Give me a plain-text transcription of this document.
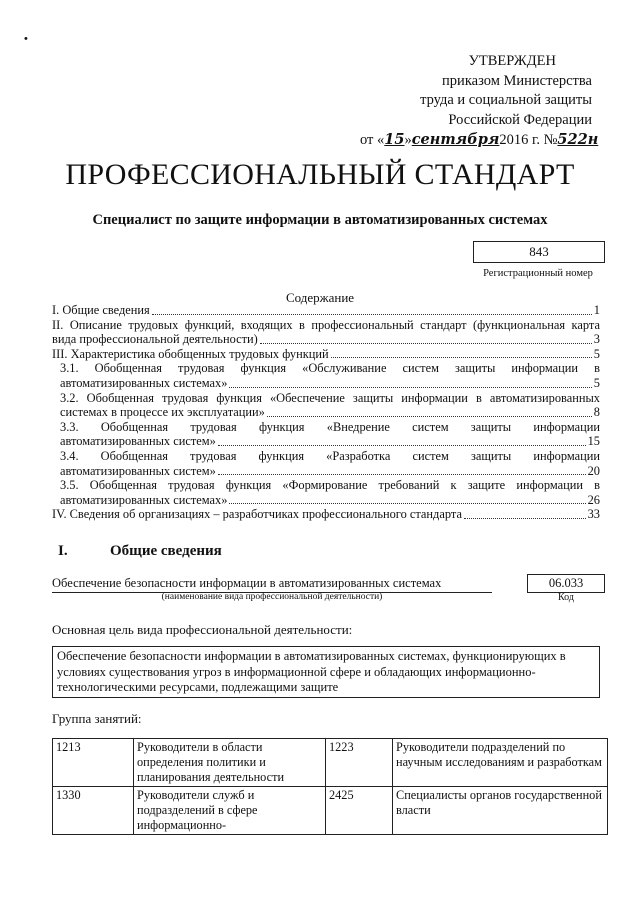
•
УТВЕРЖДЕН
приказом Министерства
труда и социальной защиты
Российской Федерации
от «15»сентября2016 г. №522н
ПРОФЕССИОНАЛЬНЫЙ СТАНДАРТ
Специалист по защите информации в автоматизированных системах
843
Регистрационный номер
Содержание
I. Общие сведения	1
II. Описание трудовых функций, входящих в профессиональный стандарт (функциональная карта
вида профессиональной деятельности)	3
III. Характеристика обобщенных трудовых функций	5
3.1. Обобщенная трудовая функция «Обслуживание систем защиты информации в
автоматизированных системах»	5
3.2. Обобщенная трудовая функция «Обеспечение защиты информации в автоматизированных
системах в процессе их эксплуатации»	8
3.3. Обобщенная трудовая функция «Внедрение систем защиты информации
автоматизированных систем»	15
3.4. Обобщенная трудовая функция «Разработка систем защиты информации
автоматизированных систем»	20
3.5. Обобщенная трудовая функция «Формирование требований к защите информации в
автоматизированных системах»	26
IV. Сведения об организациях – разработчиках профессионального стандарта	33
I.	Общие сведения
Обеспечение безопасности информации в автоматизированных системах
(наименование вида профессиональной деятельности)
06.033
Код
Основная цель вида профессиональной деятельности:
Обеспечение безопасности информации в автоматизированных системах, функционирующих в условиях существования угроз в информационной сфере и обладающих информационно-технологическими ресурсами, подлежащими защите
Группа занятий:
1213	Руководители в области определения политики и планирования деятельности	1223	Руководители подразделений по научным исследованиям и разработкам
1330	Руководители служб и подразделений в сфере информационно-	2425	Специалисты органов государственной власти
